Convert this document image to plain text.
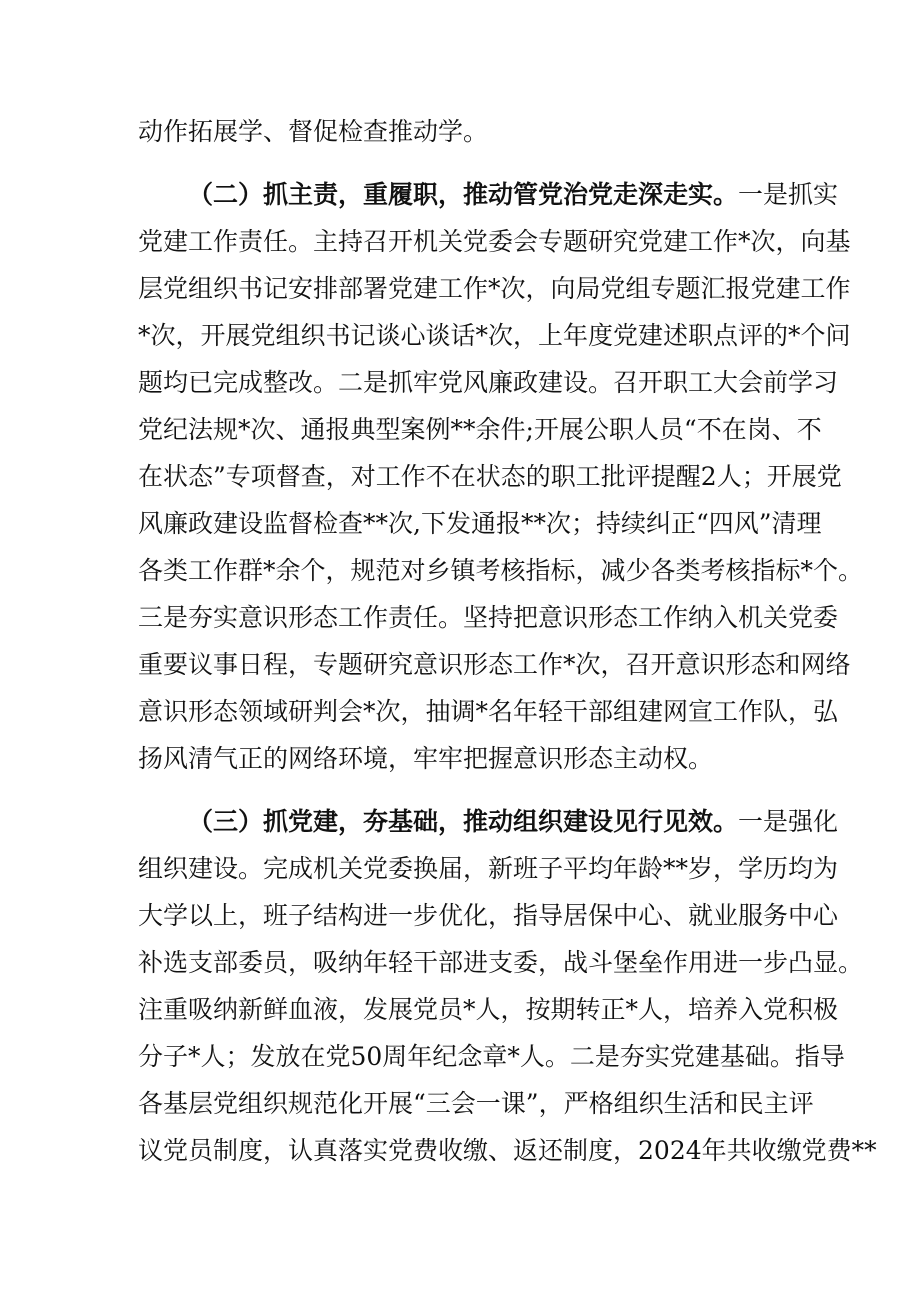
动作拓展学、督促检查推动学。
（二）抓主责，重履职，推动管党治党走深走实。一是抓实
党建工作责任。主持召开机关党委会专题研究党建工作*次，向基
层党组织书记安排部署党建工作*次，向局党组专题汇报党建工作
*次，开展党组织书记谈心谈话*次，上年度党建述职点评的*个问
题均已完成整改。二是抓牢党风廉政建设。召开职工大会前学习
党纪法规*次、通报典型案例**余件;开展公职人员“不在岗、不
在状态”专项督查，对工作不在状态的职工批评提醒2人；开展党
风廉政建设监督检查**次,下发通报**次；持续纠正“四风”清理
各类工作群*余个，规范对乡镇考核指标，减少各类考核指标*个。
三是夯实意识形态工作责任。坚持把意识形态工作纳入机关党委
重要议事日程，专题研究意识形态工作*次，召开意识形态和网络
意识形态领域研判会*次，抽调*名年轻干部组建网宣工作队，弘
扬风清气正的网络环境，牢牢把握意识形态主动权。
（三）抓党建，夯基础，推动组织建设见行见效。一是强化
组织建设。完成机关党委换届，新班子平均年龄**岁，学历均为
大学以上，班子结构进一步优化，指导居保中心、就业服务中心
补选支部委员，吸纳年轻干部进支委，战斗堡垒作用进一步凸显。
注重吸纳新鲜血液，发展党员*人，按期转正*人，培养入党积极
分子*人；发放在党50周年纪念章*人。二是夯实党建基础。指导
各基层党组织规范化开展“三会一课”，严格组织生活和民主评
议党员制度，认真落实党费收缴、返还制度，2024年共收缴党费**
